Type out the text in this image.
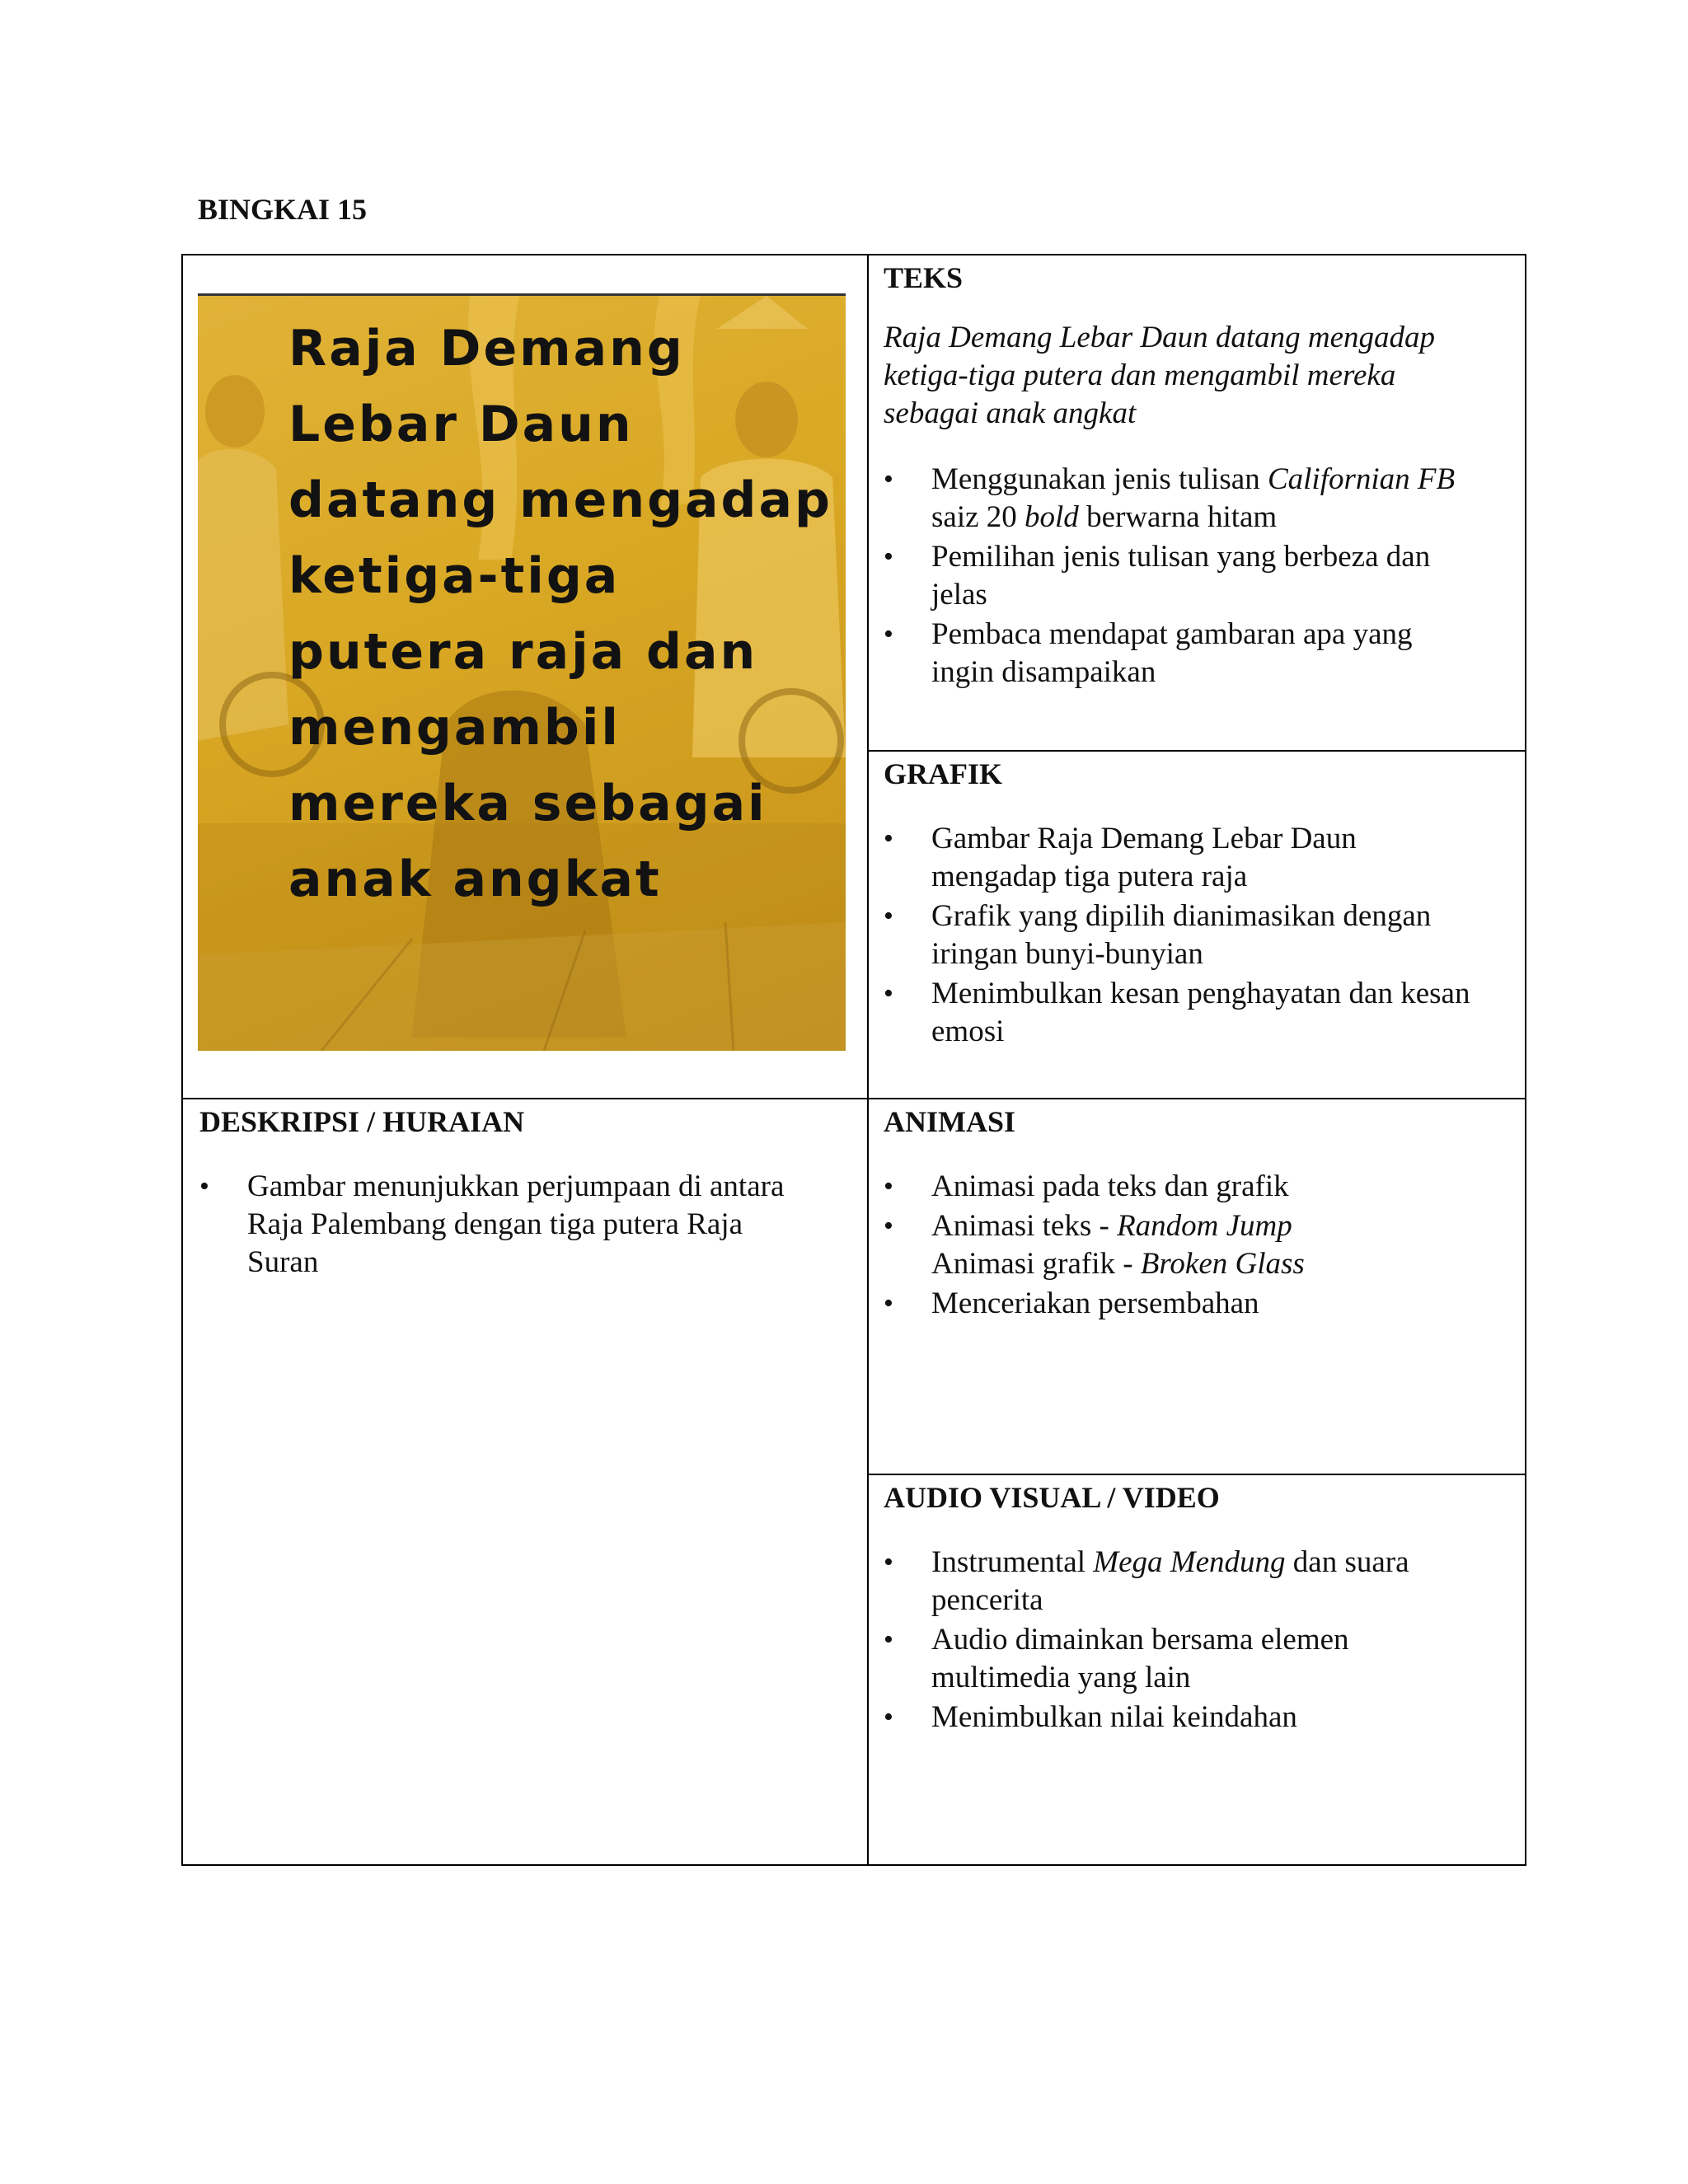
BINGKAI 15

TEKS

Raja Demang Lebar Daun datang mengadap
ketiga-tiga putera dan mengambil mereka
sebagai anak angkat

• Menggunakan jenis tulisan Californian FB
saiz 20 bold berwarna hitam
• Pemilihan jenis tulisan yang berbeza dan
jelas
• Pembaca mendapat gambaran apa yang
ingin disampaikan

GRAFIK

• Gambar Raja Demang Lebar Daun
mengadap tiga putera raja
• Grafik yang dipilih dianimasikan dengan
iringan bunyi-bunyian
• Menimbulkan kesan penghayatan dan kesan
emosi

DESKRIPSI / HURAIAN

• Gambar menunjukkan perjumpaan di antara
Raja Palembang dengan tiga putera Raja
Suran

ANIMASI

• Animasi pada teks dan grafik
• Animasi teks - Random Jump
Animasi grafik - Broken Glass
• Menceriakan persembahan

AUDIO VISUAL / VIDEO

• Instrumental Mega Mendung dan suara
pencerita
• Audio dimainkan bersama elemen
multimedia yang lain
• Menimbulkan nilai keindahan

Raja Demang
Lebar Daun
datang mengadap
ketiga-tiga
putera raja dan
mengambil
mereka sebagai
anak angkat
